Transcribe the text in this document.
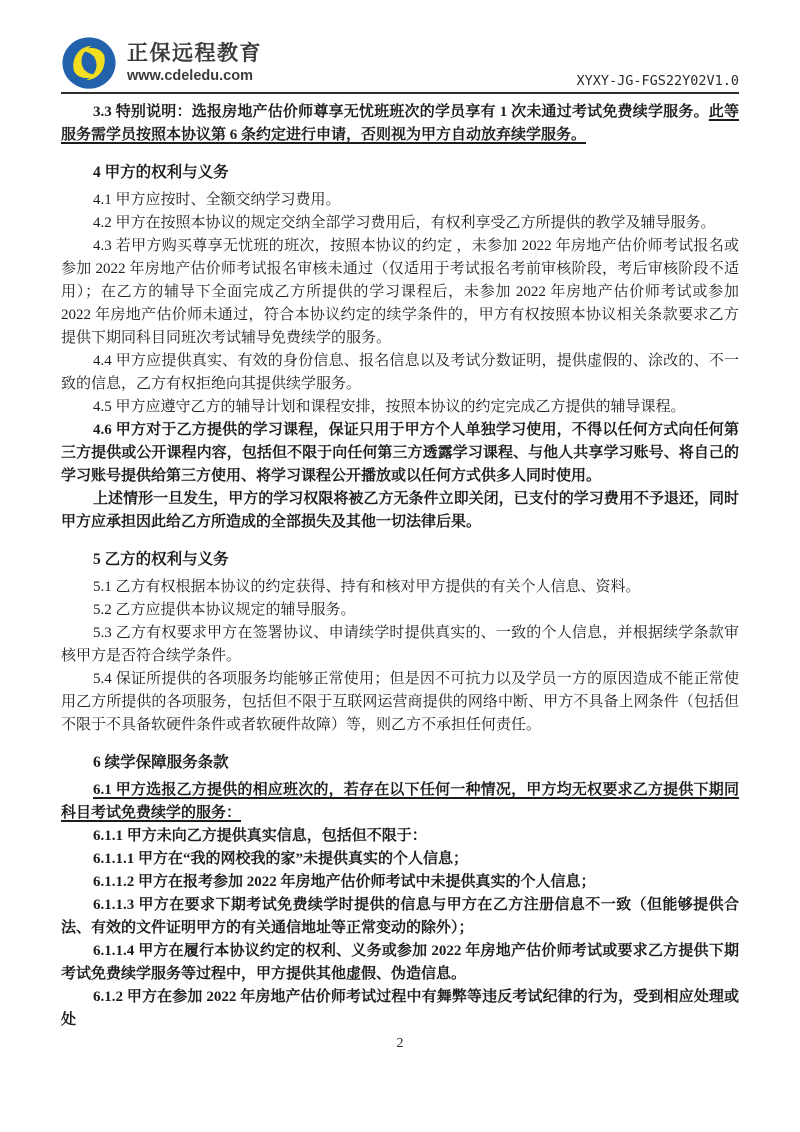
正保远程教育
www.cdeledu.com	XYXY-JG-FGS22Y02V1.0

3.3 特别说明：选报房地产估价师尊享无忧班班次的学员享有 1 次未通过考试免费续学服务。此等服务需学员按照本协议第 6 条约定进行申请，否则视为甲方自动放弃续学服务。

4 甲方的权利与义务

4.1 甲方应按时、全额交纳学习费用。

4.2 甲方在按照本协议的规定交纳全部学习费用后，有权利享受乙方所提供的教学及辅导服务。

4.3 若甲方购买尊享无忧班的班次，按照本协议的约定 ，未参加 2022 年房地产估价师考试报名或参加 2022 年房地产估价师考试报名审核未通过（仅适用于考试报名考前审核阶段，考后审核阶段不适用）；在乙方的辅导下全面完成乙方所提供的学习课程后，未参加 2022 年房地产估价师考试或参加 2022 年房地产估价师未通过，符合本协议约定的续学条件的，甲方有权按照本协议相关条款要求乙方提供下期同科目同班次考试辅导免费续学的服务。

4.4 甲方应提供真实、有效的身份信息、报名信息以及考试分数证明，提供虚假的、涂改的、不一致的信息，乙方有权拒绝向其提供续学服务。

4.5 甲方应遵守乙方的辅导计划和课程安排，按照本协议的约定完成乙方提供的辅导课程。

4.6 甲方对于乙方提供的学习课程，保证只用于甲方个人单独学习使用，不得以任何方式向任何第三方提供或公开课程内容，包括但不限于向任何第三方透露学习课程、与他人共享学习账号、将自己的学习账号提供给第三方使用、将学习课程公开播放或以任何方式供多人同时使用。

上述情形一旦发生，甲方的学习权限将被乙方无条件立即关闭，已支付的学习费用不予退还，同时甲方应承担因此给乙方所造成的全部损失及其他一切法律后果。

5 乙方的权利与义务

5.1 乙方有权根据本协议的约定获得、持有和核对甲方提供的有关个人信息、资料。

5.2 乙方应提供本协议规定的辅导服务。

5.3 乙方有权要求甲方在签署协议、申请续学时提供真实的、一致的个人信息，并根据续学条款审核甲方是否符合续学条件。

5.4 保证所提供的各项服务均能够正常使用；但是因不可抗力以及学员一方的原因造成不能正常使用乙方所提供的各项服务，包括但不限于互联网运营商提供的网络中断、甲方不具备上网条件（包括但不限于不具备软硬件条件或者软硬件故障）等，则乙方不承担任何责任。

6 续学保障服务条款

6.1 甲方选报乙方提供的相应班次的，若存在以下任何一种情况，甲方均无权要求乙方提供下期同科目考试免费续学的服务：

6.1.1 甲方未向乙方提供真实信息，包括但不限于：

6.1.1.1 甲方在“我的网校我的家”未提供真实的个人信息；

6.1.1.2 甲方在报考参加 2022 年房地产估价师考试中未提供真实的个人信息；

6.1.1.3 甲方在要求下期考试免费续学时提供的信息与甲方在乙方注册信息不一致（但能够提供合法、有效的文件证明甲方的有关通信地址等正常变动的除外）；

6.1.1.4 甲方在履行本协议约定的权利、义务或参加 2022 年房地产估价师考试或要求乙方提供下期考试免费续学服务等过程中，甲方提供其他虚假、伪造信息。

6.1.2 甲方在参加 2022 年房地产估价师考试过程中有舞弊等违反考试纪律的行为，受到相应处理或处

2
